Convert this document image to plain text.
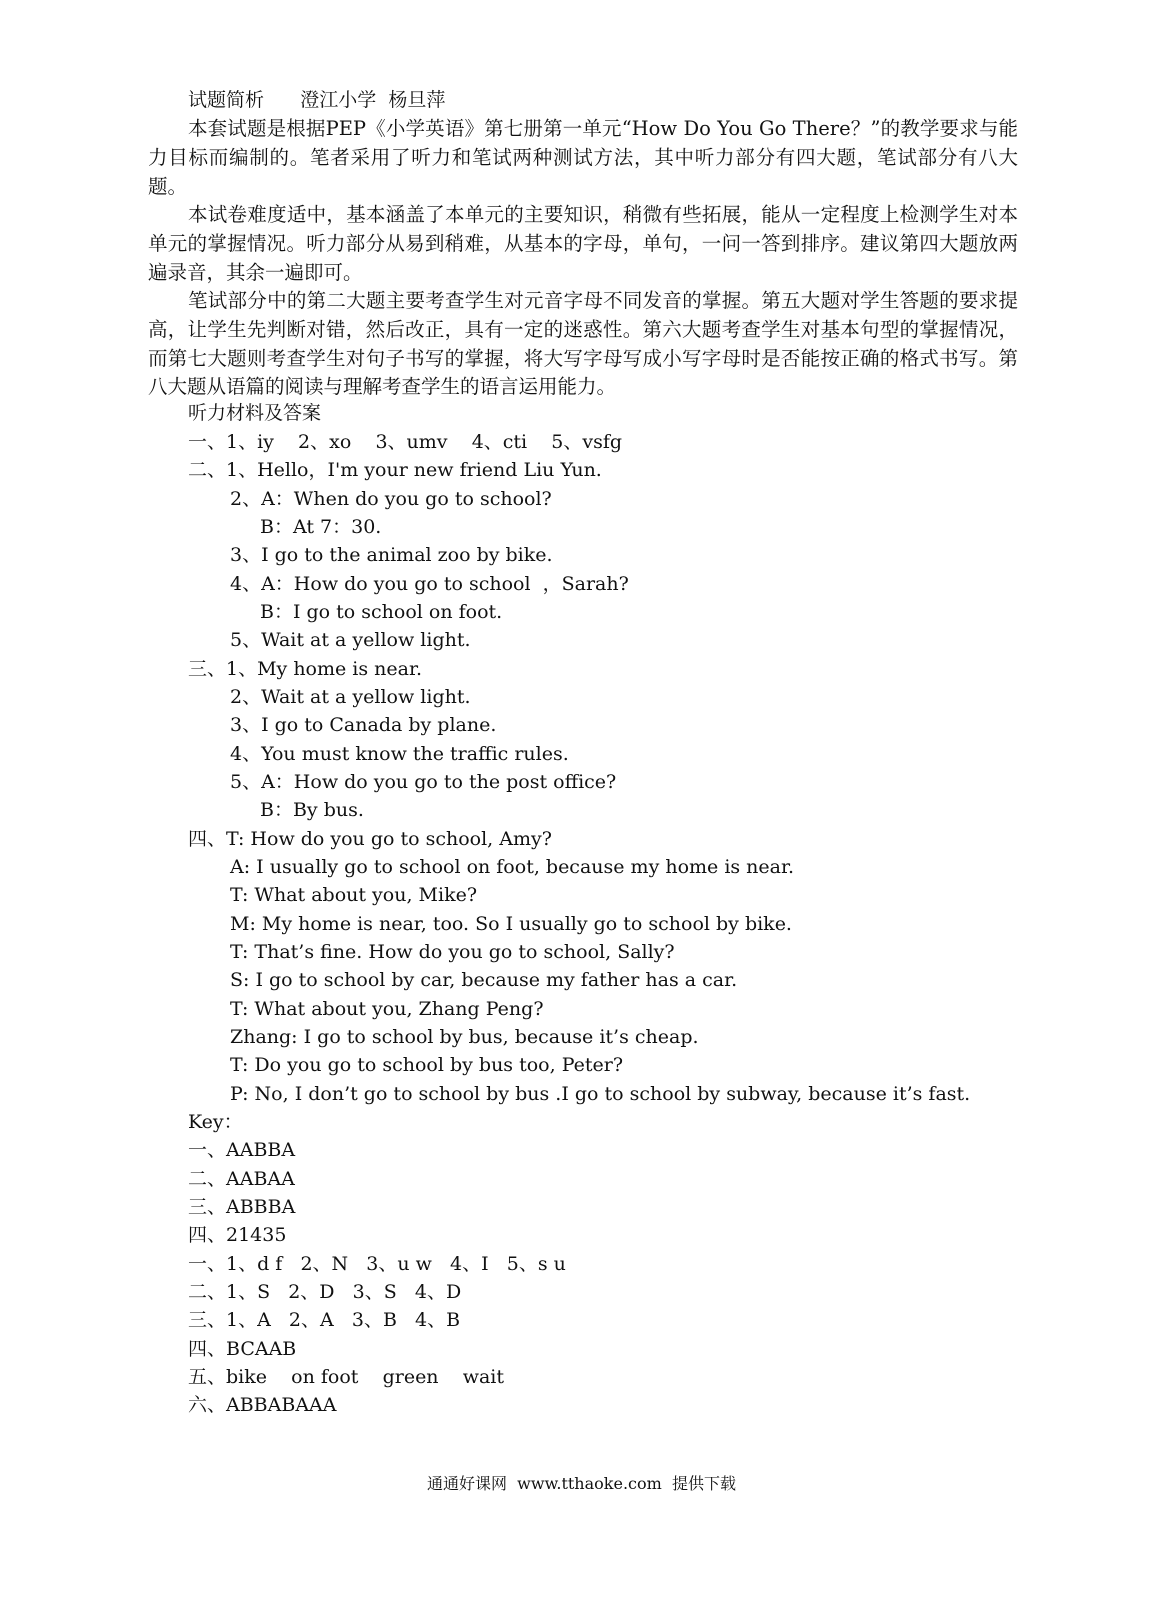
试题简析      澄江小学  杨旦萍
本套试题是根据PEP《小学英语》第七册第一单元“How Do You Go There？”的教学要求与能力目标而编制的。笔者采用了听力和笔试两种测试方法，其中听力部分有四大题，笔试部分有八大题。
本试卷难度适中，基本涵盖了本单元的主要知识，稍微有些拓展，能从一定程度上检测学生对本单元的掌握情况。听力部分从易到稍难，从基本的字母，单句，一问一答到排序。建议第四大题放两遍录音，其余一遍即可。
笔试部分中的第二大题主要考查学生对元音字母不同发音的掌握。第五大题对学生答题的要求提高，让学生先判断对错，然后改正，具有一定的迷惑性。第六大题考查学生对基本句型的掌握情况，而第七大题则考查学生对句子书写的掌握，将大写字母写成小写字母时是否能按正确的格式书写。第八大题从语篇的阅读与理解考查学生的语言运用能力。
听力材料及答案
一、1、iy    2、xo    3、umv    4、cti    5、vsfg
二、1、Hello，I'm your new friend Liu Yun.
2、A：When do you go to school?
B：At 7：30.
3、I go to the animal zoo by bike.
4、A：How do you go to school  ，Sarah?
B：I go to school on foot.
5、Wait at a yellow light.
三、1、My home is near.
2、Wait at a yellow light.
3、I go to Canada by plane.
4、You must know the traffic rules.
5、A：How do you go to the post office?
B：By bus.
四、T: How do you go to school, Amy?
A: I usually go to school on foot, because my home is near.
T: What about you, Mike?
M: My home is near, too. So I usually go to school by bike.
T: That’s fine. How do you go to school, Sally?
S: I go to school by car, because my father has a car.
T: What about you, Zhang Peng?
Zhang: I go to school by bus, because it’s cheap.
T: Do you go to school by bus too, Peter?
P: No, I don’t go to school by bus .I go to school by subway, because it’s fast.
Key：
一、AABBA
二、AABAA
三、ABBBA
四、21435
一、1、d f   2、N   3、u w   4、I   5、s u
二、1、S   2、D   3、S   4、D
三、1、A   2、A   3、B   4、B
四、BCAAB
五、bike    on foot    green    wait
六、ABBABAAA
通通好课网  www.tthaoke.com  提供下载
